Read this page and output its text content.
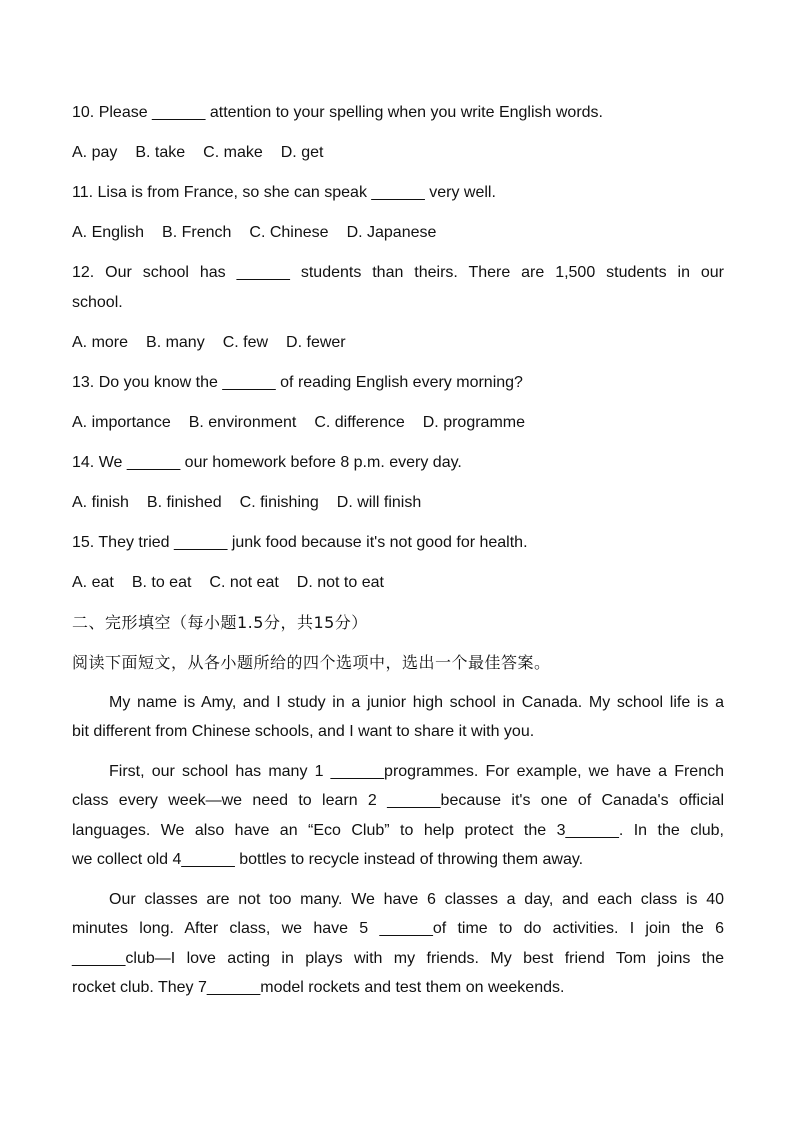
10. Please ______ attention to your spelling when you write English words.
A. pay B. take C. make D. get
11. Lisa is from France, so she can speak ______ very well.
A. English B. French C. Chinese D. Japanese
12. Our school has ______ students than theirs. There are 1,500 students in our
school.
A. more B. many C. few D. fewer
13. Do you know the ______ of reading English every morning?
A. importance B. environment C. difference D. programme
14. We ______ our homework before 8 p.m. every day.
A. finish B. finished C. finishing D. will finish
15. They tried ______ junk food because it's not good for health.
A. eat B. to eat C. not eat D. not to eat
二、完形填空（每小题1.5分，共15分）
阅读下面短文，从各小题所给的四个选项中，选出一个最佳答案。
My name is Amy, and I study in a junior high school in Canada. My school life is a
bit different from Chinese schools, and I want to share it with you.
First, our school has many 1 ______programmes. For example, we have a French
class every week—we need to learn 2 ______because it's one of Canada's official
languages. We also have an “Eco Club” to help protect the 3______. In the club,
we collect old 4______ bottles to recycle instead of throwing them away.
Our classes are not too many. We have 6 classes a day, and each class is 40
minutes long. After class, we have 5 ______of time to do activities. I join the 6
______club—I love acting in plays with my friends. My best friend Tom joins the
rocket club. They 7______model rockets and test them on weekends.
